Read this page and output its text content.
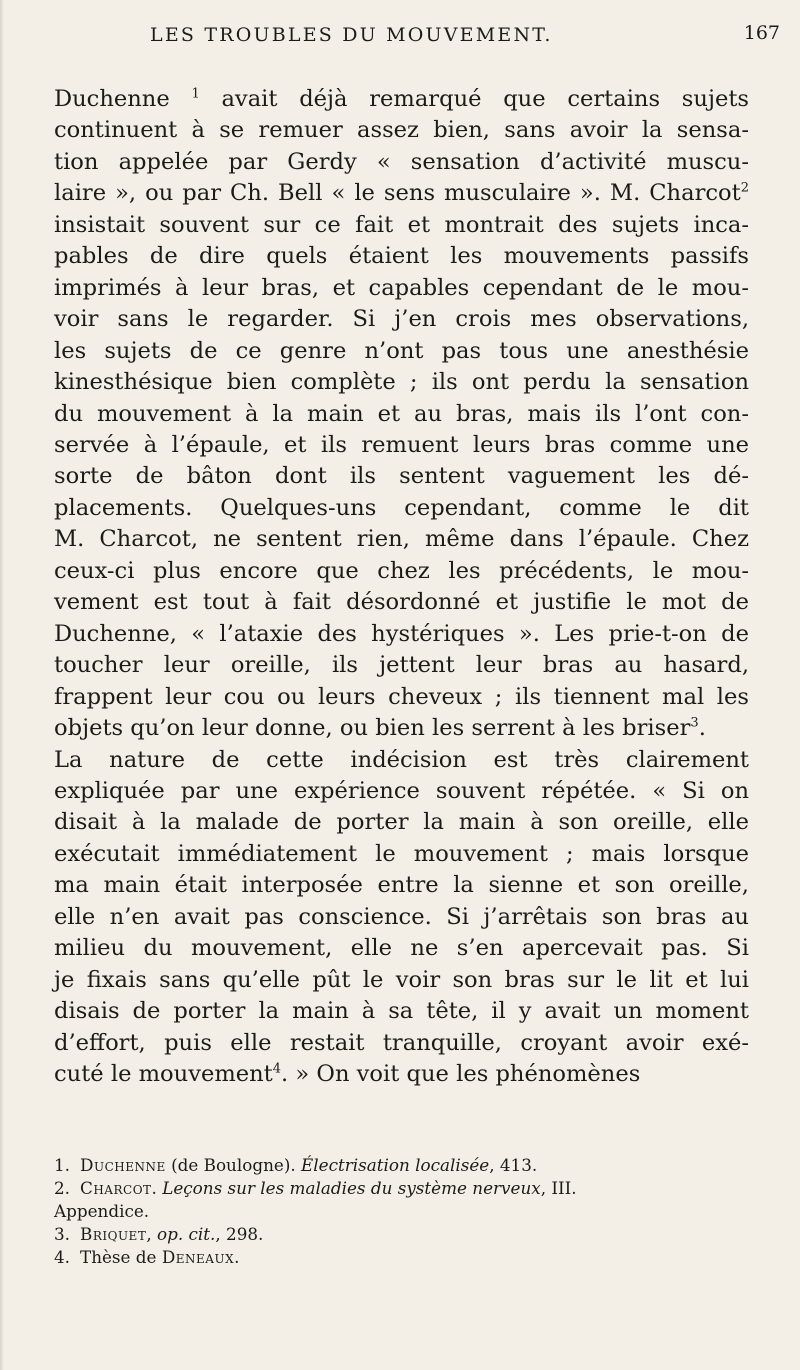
LES TROUBLES DU MOUVEMENT.	167
Duchenne $^1$ avait déjà remarqué que certains sujets
continuent à se remuer assez bien, sans avoir la sensa-
tion appelée par Gerdy « sensation d’activité muscu-
laire », ou par Ch. Bell « le sens musculaire ». M. Charcot$^2$
insistait souvent sur ce fait et montrait des sujets inca-
pables de dire quels étaient les mouvements passifs
imprimés à leur bras, et capables cependant de le mou-
voir sans le regarder. Si j’en crois mes observations,
les sujets de ce genre n’ont pas tous une anesthésie
kinesthésique bien complète ; ils ont perdu la sensation
du mouvement à la main et au bras, mais ils l’ont con-
servée à l’épaule, et ils remuent leurs bras comme une
sorte de bâton dont ils sentent vaguement les dé-
placements. Quelques-uns cependant, comme le dit
M. Charcot, ne sentent rien, même dans l’épaule. Chez
ceux-ci plus encore que chez les précédents, le mou-
vement est tout à fait désordonné et justifie le mot de
Duchenne, « l’ataxie des hystériques ». Les prie-t-on de
toucher leur oreille, ils jettent leur bras au hasard,
frappent leur cou ou leurs cheveux ; ils tiennent mal les
objets qu’on leur donne, ou bien les serrent à les briser$^3$.
La nature de cette indécision est très clairement
expliquée par une expérience souvent répétée. « Si on
disait à la malade de porter la main à son oreille, elle
exécutait immédiatement le mouvement ; mais lorsque
ma main était interposée entre la sienne et son oreille,
elle n’en avait pas conscience. Si j’arrêtais son bras au
milieu du mouvement, elle ne s’en apercevait pas. Si
je fixais sans qu’elle pût le voir son bras sur le lit et lui
disais de porter la main à sa tête, il y avait un moment
d’effort, puis elle restait tranquille, croyant avoir exé-
cuté le mouvement$^4$. » On voit que les phénomènes
1. Duchenne (de Boulogne). Électrisation localisée, 413.
2. Charcot. Leçons sur les maladies du système nerveux, III.
Appendice.
3. Briquet, op. cit., 298.
4. Thèse de Deneaux.
